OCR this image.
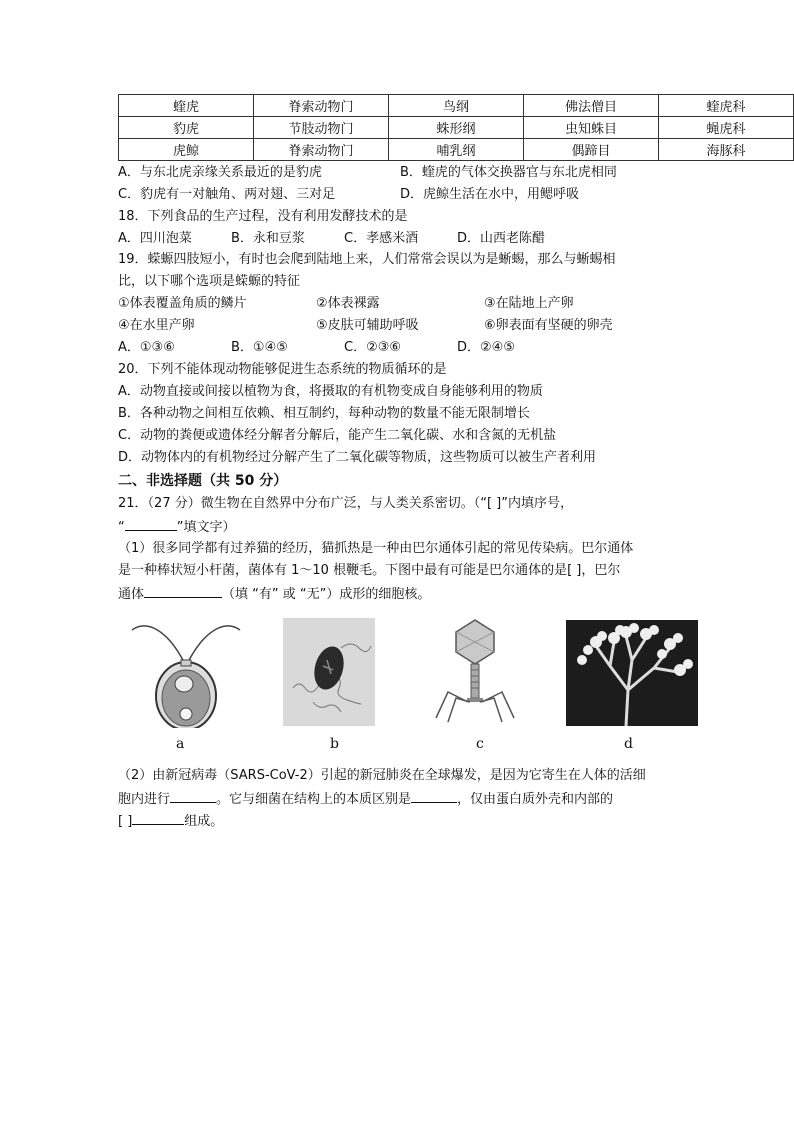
蝰虎	脊索动物门	鸟纲	佛法僧目	蝰虎科
豹虎	节肢动物门	蛛形纲	虫知蛛目	蝇虎科
虎鲸	脊索动物门	哺乳纲	偶蹄目	海豚科
A．与东北虎亲缘关系最近的是豹虎	B．蝰虎的气体交换器官与东北虎相同
C．豹虎有一对触角、两对翅、三对足	D．虎鲸生活在水中，用鳃呼吸
18．下列食品的生产过程，没有利用发酵技术的是
A．四川泡菜	B．永和豆浆	C．孝感米酒	D．山西老陈醋
19．蝾螈四肢短小，有时也会爬到陆地上来，人们常常会误以为是蜥蜴，那么与蜥蜴相
比，以下哪个选项是蝾螈的特征
①体表覆盖角质的鳞片	②体表裸露	③在陆地上产卵
④在水里产卵	⑤皮肤可辅助呼吸	⑥卵表面有坚硬的卵壳
A．①③⑥	B．①④⑤	C．②③⑥	D．②④⑤
20．下列不能体现动物能够促进生态系统的物质循环的是
A．动物直接或间接以植物为食，将摄取的有机物变成自身能够利用的物质
B．各种动物之间相互依赖、相互制约，每种动物的数量不能无限制增长
C．动物的粪便或遗体经分解者分解后，能产生二氧化碳、水和含氮的无机盐
D．动物体内的有机物经过分解产生了二氧化碳等物质，这些物质可以被生产者利用
二、非选择题（共 50 分）
21．（27 分）微生物在自然界中分布广泛，与人类关系密切。（“[ ]”内填序号，
“	”填文字）
（1）很多同学都有过养猫的经历，猫抓热是一种由巴尔通体引起的常见传染病。巴尔通体
是一种棒状短小杆菌，菌体有 1～10 根鞭毛。下图中最有可能是巴尔通体的是[ ]，巴尔
通体	（填 “有” 或 “无”）成形的细胞核。
a	b	c	d
（2）由新冠病毒（SARS-CoV-2）引起的新冠肺炎在全球爆发，是因为它寄生在人体的活细
胞内进行	。它与细菌在结构上的本质区别是	，仅由蛋白质外壳和内部的
[ ]	组成。
